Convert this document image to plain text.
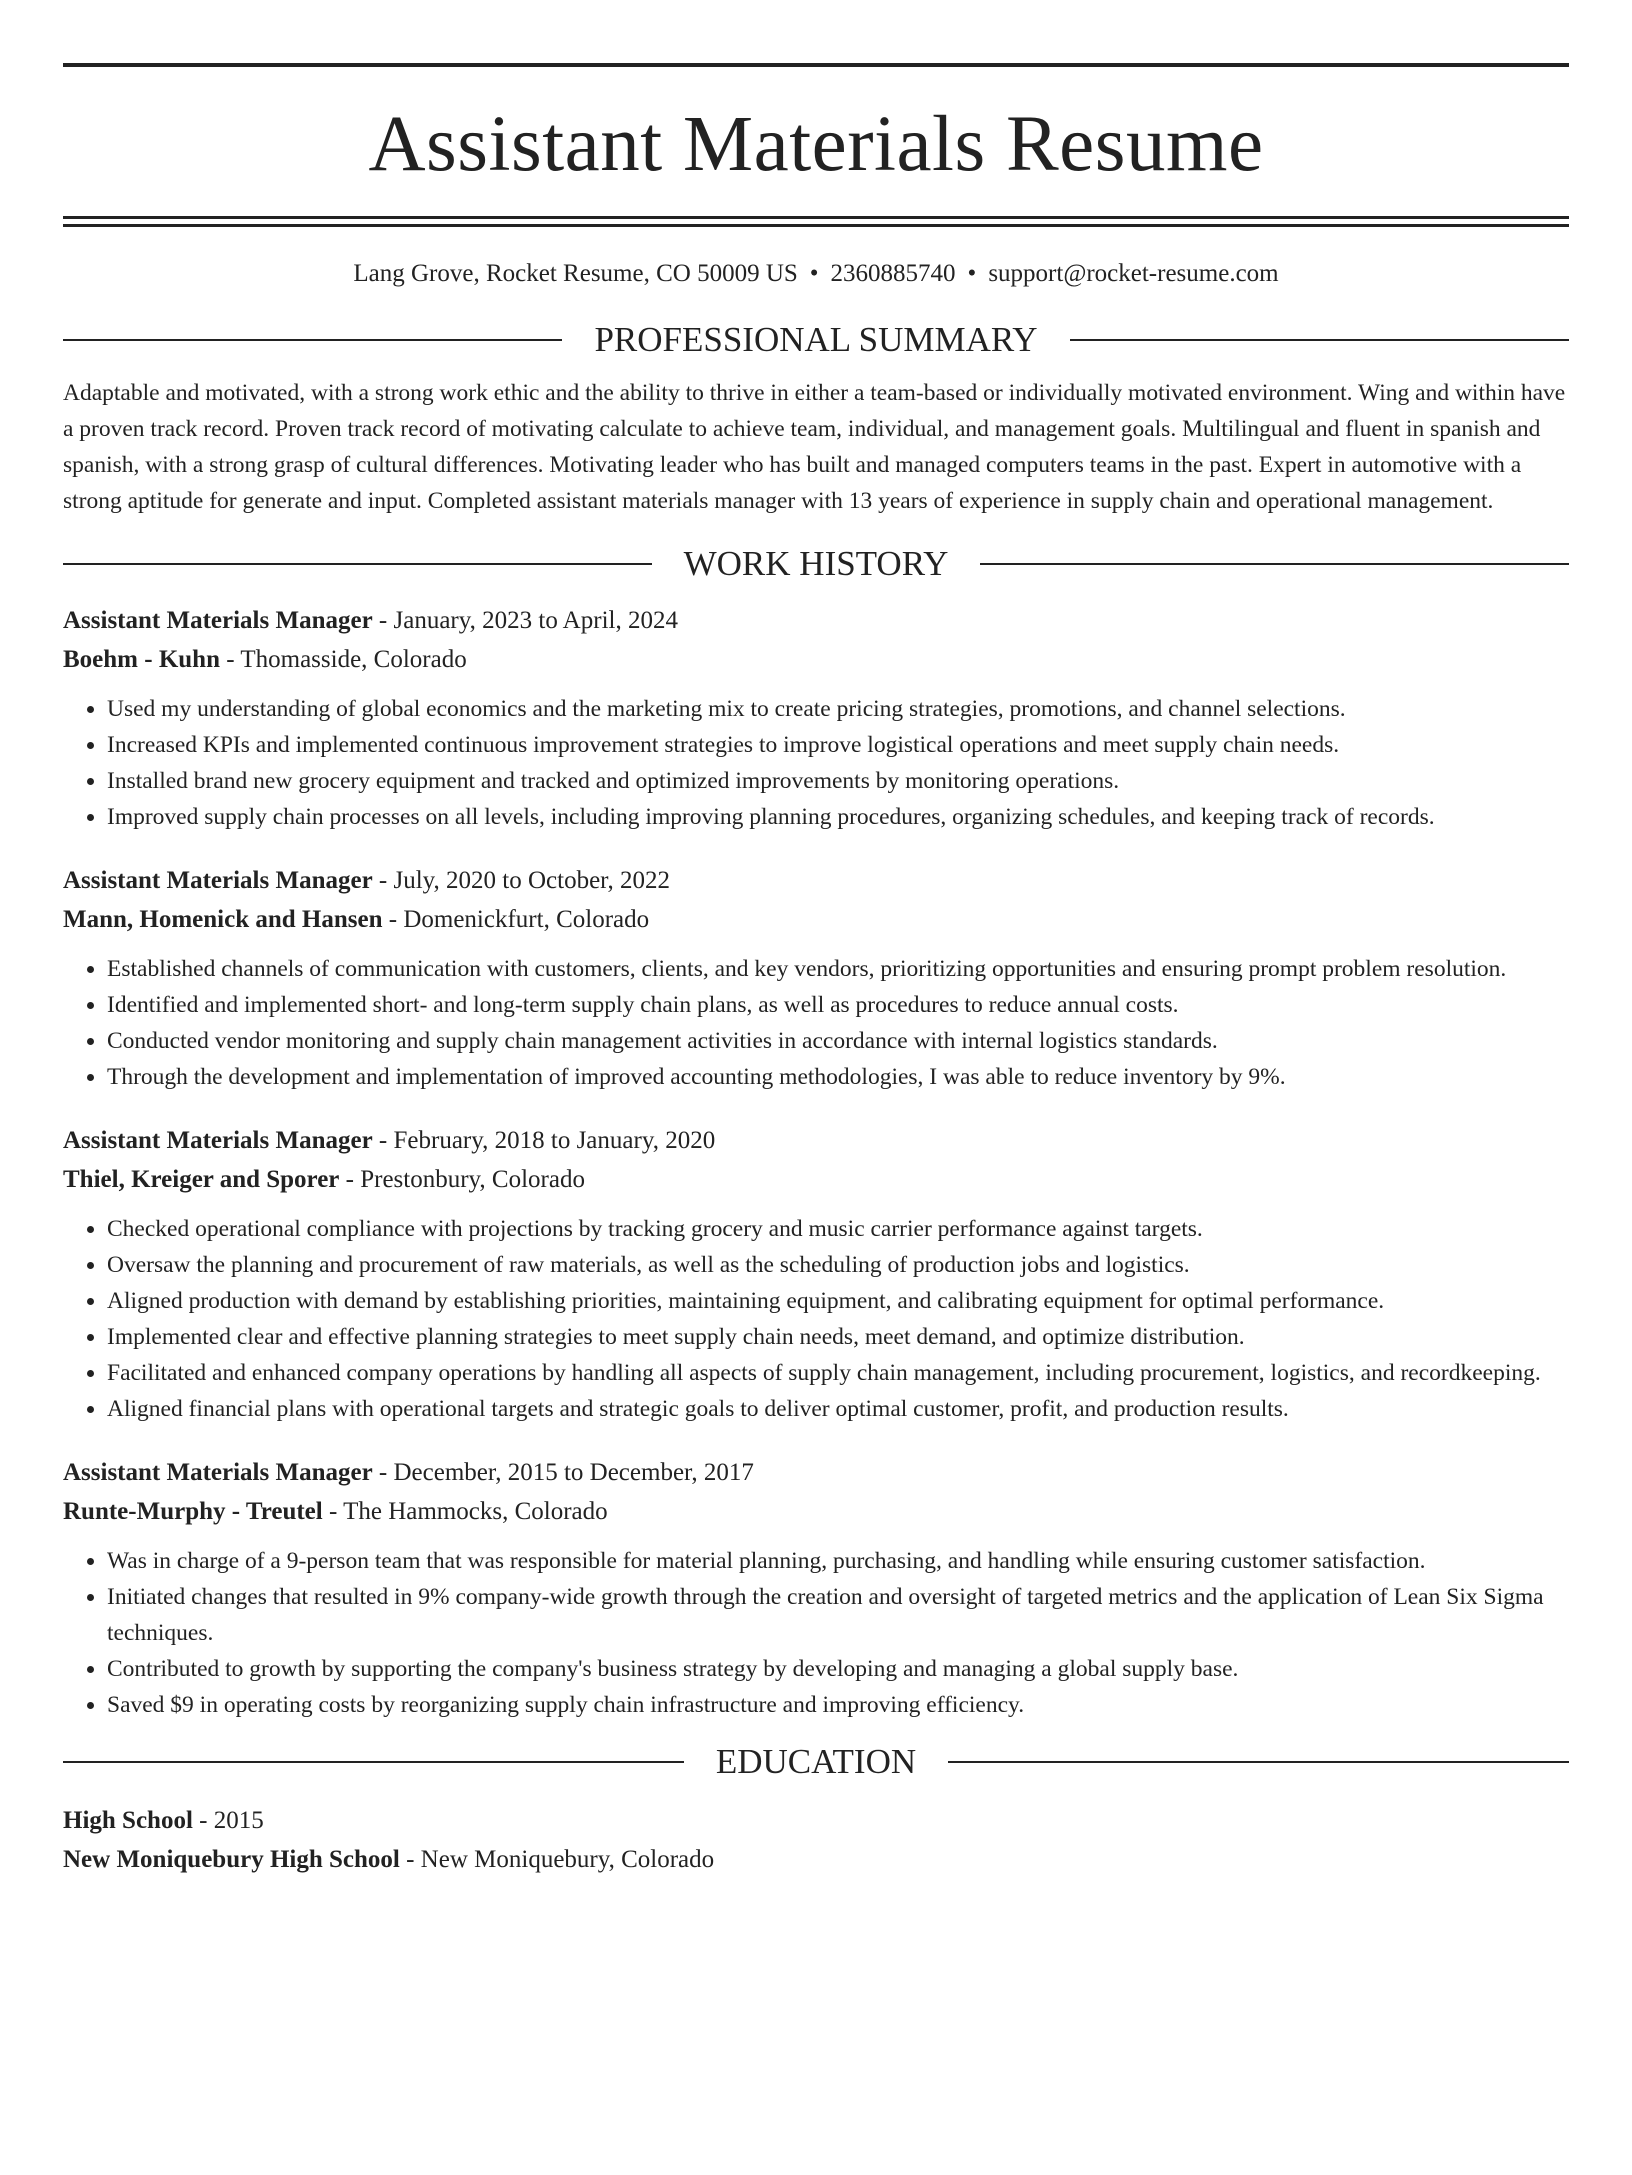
Assistant Materials Resume
Lang Grove, Rocket Resume, CO 50009 US • 2360885740 • support@rocket-resume.com
PROFESSIONAL SUMMARY
Adaptable and motivated, with a strong work ethic and the ability to thrive in either a team-based or individually motivated environment. Wing and within have a proven track record. Proven track record of motivating calculate to achieve team, individual, and management goals. Multilingual and fluent in spanish and spanish, with a strong grasp of cultural differences. Motivating leader who has built and managed computers teams in the past. Expert in automotive with a strong aptitude for generate and input. Completed assistant materials manager with 13 years of experience in supply chain and operational management.
WORK HISTORY
Assistant Materials Manager - January, 2023 to April, 2024
Boehm - Kuhn - Thomasside, Colorado
• Used my understanding of global economics and the marketing mix to create pricing strategies, promotions, and channel selections.
• Increased KPIs and implemented continuous improvement strategies to improve logistical operations and meet supply chain needs.
• Installed brand new grocery equipment and tracked and optimized improvements by monitoring operations.
• Improved supply chain processes on all levels, including improving planning procedures, organizing schedules, and keeping track of records.
Assistant Materials Manager - July, 2020 to October, 2022
Mann, Homenick and Hansen - Domenickfurt, Colorado
• Established channels of communication with customers, clients, and key vendors, prioritizing opportunities and ensuring prompt problem resolution.
• Identified and implemented short- and long-term supply chain plans, as well as procedures to reduce annual costs.
• Conducted vendor monitoring and supply chain management activities in accordance with internal logistics standards.
• Through the development and implementation of improved accounting methodologies, I was able to reduce inventory by 9%.
Assistant Materials Manager - February, 2018 to January, 2020
Thiel, Kreiger and Sporer - Prestonbury, Colorado
• Checked operational compliance with projections by tracking grocery and music carrier performance against targets.
• Oversaw the planning and procurement of raw materials, as well as the scheduling of production jobs and logistics.
• Aligned production with demand by establishing priorities, maintaining equipment, and calibrating equipment for optimal performance.
• Implemented clear and effective planning strategies to meet supply chain needs, meet demand, and optimize distribution.
• Facilitated and enhanced company operations by handling all aspects of supply chain management, including procurement, logistics, and recordkeeping.
• Aligned financial plans with operational targets and strategic goals to deliver optimal customer, profit, and production results.
Assistant Materials Manager - December, 2015 to December, 2017
Runte-Murphy - Treutel - The Hammocks, Colorado
• Was in charge of a 9-person team that was responsible for material planning, purchasing, and handling while ensuring customer satisfaction.
• Initiated changes that resulted in 9% company-wide growth through the creation and oversight of targeted metrics and the application of Lean Six Sigma techniques.
• Contributed to growth by supporting the company's business strategy by developing and managing a global supply base.
• Saved $9 in operating costs by reorganizing supply chain infrastructure and improving efficiency.
EDUCATION
High School - 2015
New Moniquebury High School - New Moniquebury, Colorado
